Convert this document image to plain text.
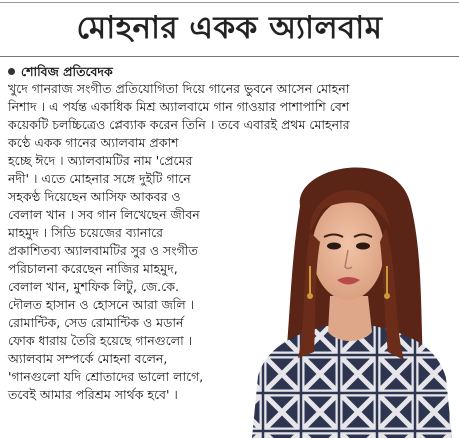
মোহনার একক অ্যালবাম
শোবিজ প্রতিবেদক
খুদে গানরাজ সংগীত প্রতিযোগিতা দিয়ে গানের ভুবনে আসেন মোহনা
নিশাদ । এ পর্যন্ত একাধিক মিশ্র অ্যালবামে গান গাওয়ার পাশাপাশি বেশ
কয়েকটি চলচ্চিত্রেও প্লেব্যাক করেন তিনি । তবে এবারই প্রথম মোহনার
কণ্ঠে একক গানের অ্যালবাম প্রকাশ
হচ্ছে ঈদে । অ্যালবামটির নাম 'প্রেমের
নদী' । এতে মোহনার সঙ্গে দুইটি গানে
সহকণ্ঠ দিয়েছেন আসিফ আকবর ও
বেলাল খান । সব গান লিখেছেন জীবন
মাহমুদ । সিডি চয়েজের ব্যানারে
প্রকাশিতব্য অ্যালবামটির সুর ও সংগীত
পরিচালনা করেছেন নাজির মাহমুদ,
বেলাল খান, মুশফিক লিটু, জে.কে.
দৌলত হাসান ও হোসনে আরা জলি ।
রোমান্টিক, সেড রোমান্টিক ও মডার্ন
ফোক ধারায় তৈরি হয়েছে গানগুলো ।
অ্যালবাম সম্পর্কে মোহনা বলেন,
'গানগুলো যদি শ্রোতাদের ভালো লাগে,
তবেই আমার পরিশ্রম সার্থক হবে' ।
